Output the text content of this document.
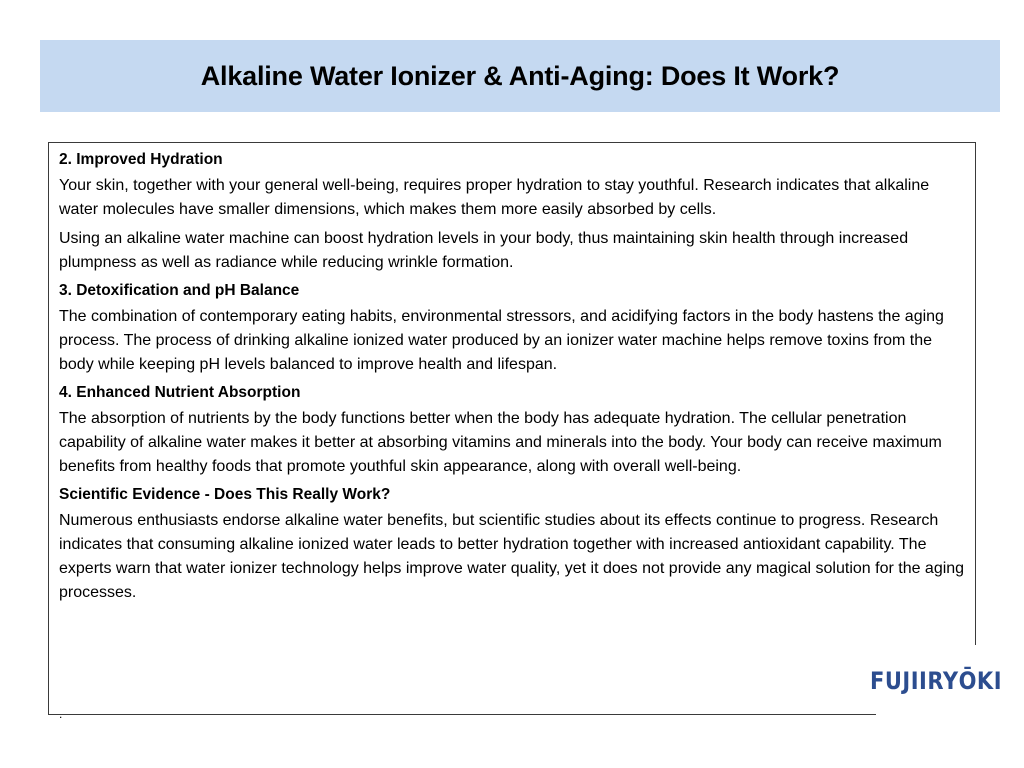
Alkaline Water Ionizer & Anti-Aging: Does It Work?

2. Improved Hydration

Your skin, together with your general well-being, requires proper hydration to stay youthful. Research indicates that alkaline water molecules have smaller dimensions, which makes them more easily absorbed by cells.

Using an alkaline water machine can boost hydration levels in your body, thus maintaining skin health through increased plumpness as well as radiance while reducing wrinkle formation.

3. Detoxification and pH Balance

The combination of contemporary eating habits, environmental stressors, and acidifying factors in the body hastens the aging process. The process of drinking alkaline ionized water produced by an ionizer water machine helps remove toxins from the body while keeping pH levels balanced to improve health and lifespan.

4. Enhanced Nutrient Absorption

The absorption of nutrients by the body functions better when the body has adequate hydration. The cellular penetration capability of alkaline water makes it better at absorbing vitamins and minerals into the body. Your body can receive maximum benefits from healthy foods that promote youthful skin appearance, along with overall well-being.

Scientific Evidence - Does This Really Work?

Numerous enthusiasts endorse alkaline water benefits, but scientific studies about its effects continue to progress. Research indicates that consuming alkaline ionized water leads to better hydration together with increased antioxidant capability. The experts warn that water ionizer technology helps improve water quality, yet it does not provide any magical solution for the aging processes.

FUJIIRYŌKI
.
